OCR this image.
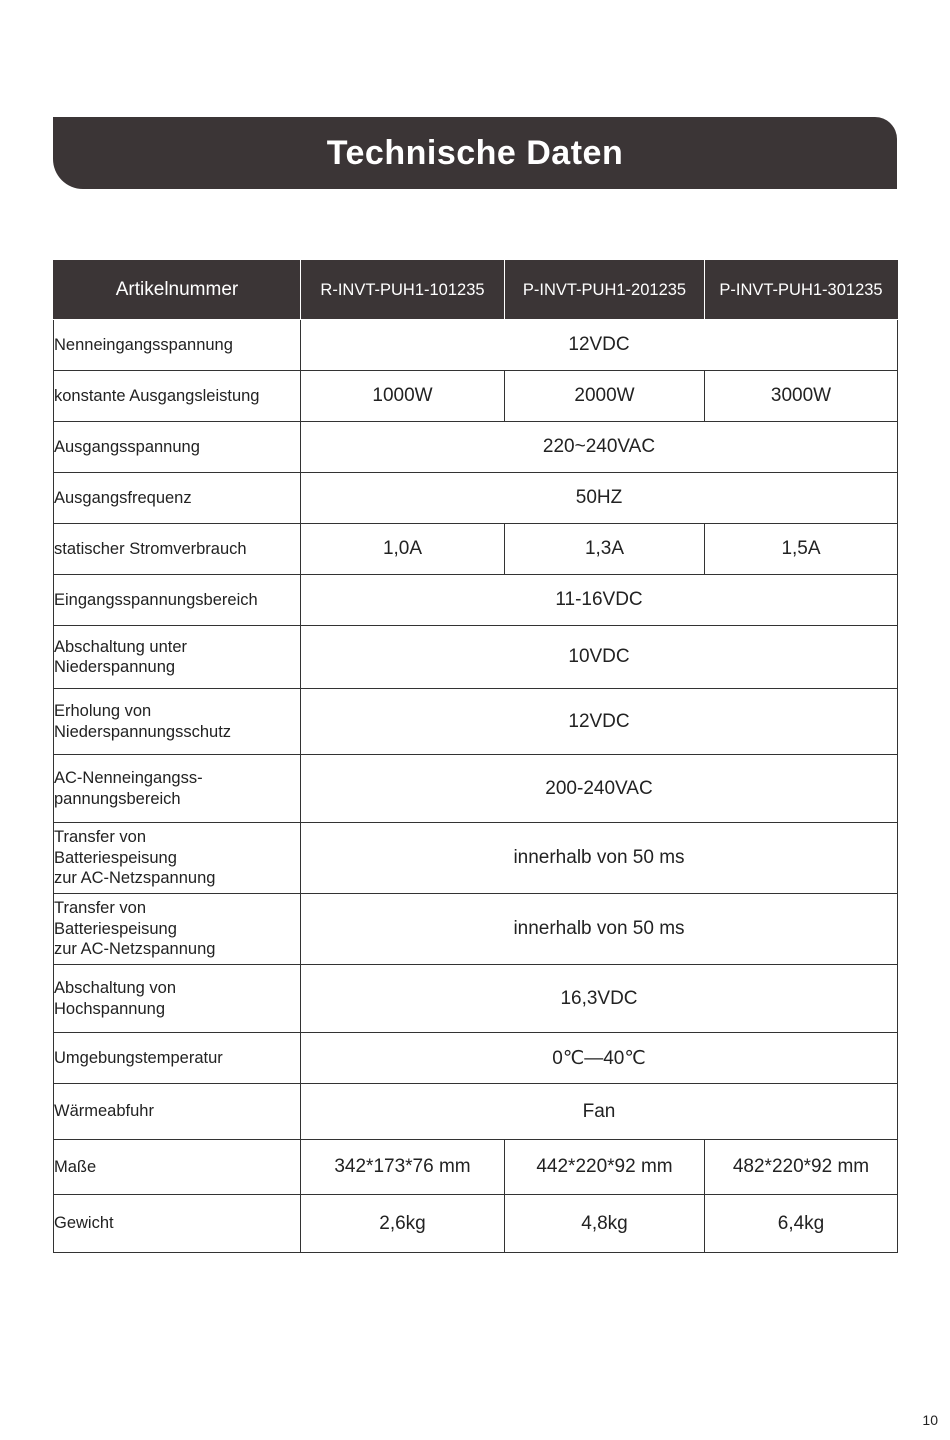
Technische Daten
Artikelnummer	R-INVT-PUH1-101235	P-INVT-PUH1-201235	P-INVT-PUH1-301235
Nenneingangsspannung	12VDC		
konstante Ausgangsleistung	1000W	2000W	3000W
Ausgangsspannung	220~240VAC		
Ausgangsfrequenz	50HZ		
statischer Stromverbrauch	1,0A	1,3A	1,5A
Eingangsspannungsbereich	11-16VDC		
Abschaltung unter
Niederspannung	10VDC		
Erholung von
Niederspannungsschutz	12VDC		
AC-Nenneingangss-
pannungsbereich	200-240VAC		
Transfer von
Batteriespeisung
zur AC-Netzspannung	innerhalb von 50 ms		
Transfer von
Batteriespeisung
zur AC-Netzspannung	innerhalb von 50 ms		
Abschaltung von
Hochspannung	16,3VDC		
Umgebungstemperatur	0℃—40℃		
Wärmeabfuhr	Fan		
Maße	342*173*76 mm	442*220*92 mm	482*220*92 mm
Gewicht	2,6kg	4,8kg	6,4kg
10
